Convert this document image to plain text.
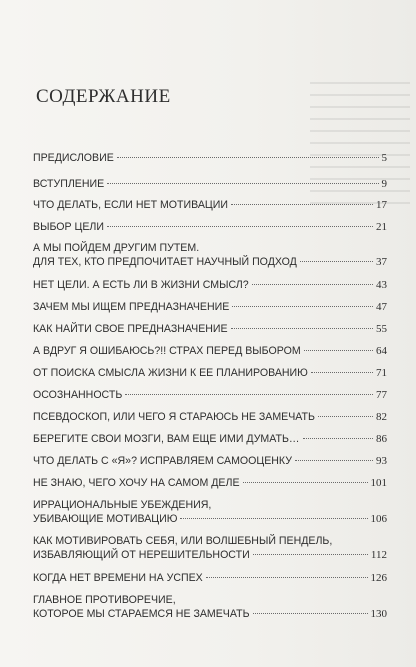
СОДЕРЖАНИЕ
ПРЕДИСЛОВИЕ	5
ВСТУПЛЕНИЕ	9
ЧТО ДЕЛАТЬ, ЕСЛИ НЕТ МОТИВАЦИИ	17
ВЫБОР ЦЕЛИ	21
А МЫ ПОЙДЕМ ДРУГИМ ПУТЕМ.
ДЛЯ ТЕХ, КТО ПРЕДПОЧИТАЕТ НАУЧНЫЙ ПОДХОД	37
НЕТ ЦЕЛИ. А ЕСТЬ ЛИ В ЖИЗНИ СМЫСЛ?	43
ЗАЧЕМ МЫ ИЩЕМ ПРЕДНАЗНАЧЕНИЕ	47
КАК НАЙТИ СВОЕ ПРЕДНАЗНАЧЕНИЕ	55
А ВДРУГ Я ОШИБАЮСЬ?!! СТРАХ ПЕРЕД ВЫБОРОМ	64
ОТ ПОИСКА СМЫСЛА ЖИЗНИ К ЕЕ ПЛАНИРОВАНИЮ	71
ОСОЗНАННОСТЬ	77
ПСЕВДОСКОП, ИЛИ ЧЕГО Я СТАРАЮСЬ НЕ ЗАМЕЧАТЬ	82
БЕРЕГИТЕ СВОИ МОЗГИ, ВАМ ЕЩЕ ИМИ ДУМАТЬ…	86
ЧТО ДЕЛАТЬ С «Я»? ИСПРАВЛЯЕМ САМООЦЕНКУ	93
НЕ ЗНАЮ, ЧЕГО ХОЧУ НА САМОМ ДЕЛЕ	101
ИРРАЦИОНАЛЬНЫЕ УБЕЖДЕНИЯ,
УБИВАЮЩИЕ МОТИВАЦИЮ	106
КАК МОТИВИРОВАТЬ СЕБЯ, ИЛИ ВОЛШЕБНЫЙ ПЕНДЕЛЬ,
ИЗБАВЛЯЮЩИЙ ОТ НЕРЕШИТЕЛЬНОСТИ	112
КОГДА НЕТ ВРЕМЕНИ НА УСПЕХ	126
ГЛАВНОЕ ПРОТИВОРЕЧИЕ,
КОТОРОЕ МЫ СТАРАЕМСЯ НЕ ЗАМЕЧАТЬ	130
